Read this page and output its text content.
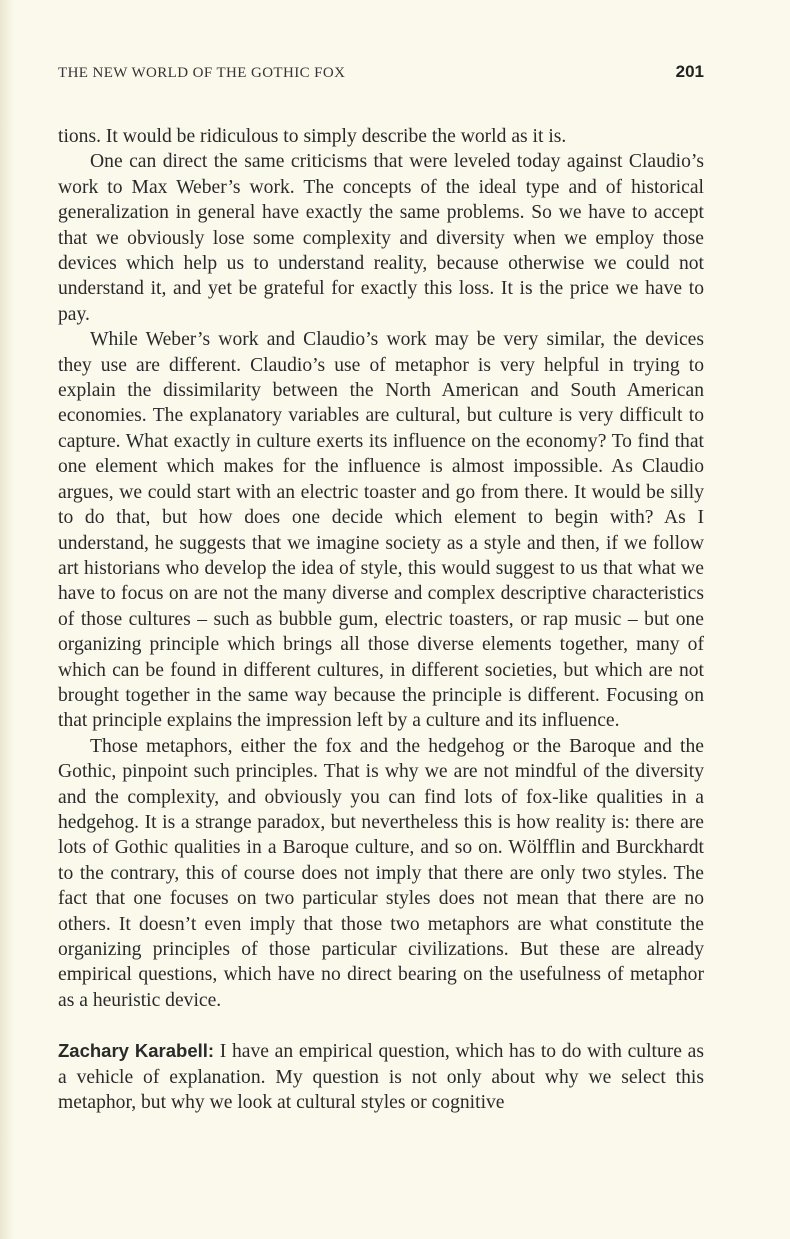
THE NEW WORLD OF THE GOTHIC FOX	201

tions. It would be ridiculous to simply describe the world as it is.

One can direct the same criticisms that were leveled today against Claudio’s work to Max Weber’s work. The concepts of the ideal type and of historical generalization in general have exactly the same problems. So we have to accept that we obviously lose some complexity and diversity when we employ those devices which help us to understand reality, because otherwise we could not understand it, and yet be grateful for exactly this loss. It is the price we have to pay.

While Weber’s work and Claudio’s work may be very similar, the devices they use are different. Claudio’s use of metaphor is very helpful in trying to explain the dissimilarity between the North American and South American economies. The explanatory variables are cultural, but culture is very difficult to capture. What exactly in culture exerts its influence on the economy? To find that one element which makes for the influence is almost impossible. As Claudio argues, we could start with an electric toaster and go from there. It would be silly to do that, but how does one decide which element to begin with? As I understand, he suggests that we imagine society as a style and then, if we follow art historians who develop the idea of style, this would suggest to us that what we have to focus on are not the many diverse and complex descriptive characteristics of those cultures – such as bubble gum, electric toasters, or rap music – but one organizing principle which brings all those diverse elements together, many of which can be found in different cultures, in different societies, but which are not brought together in the same way because the principle is different. Focusing on that principle explains the impression left by a culture and its influence.

Those metaphors, either the fox and the hedgehog or the Baroque and the Gothic, pinpoint such principles. That is why we are not mindful of the diversity and the complexity, and obviously you can find lots of fox-like qualities in a hedgehog. It is a strange paradox, but nevertheless this is how reality is: there are lots of Gothic qualities in a Baroque culture, and so on. Wölfflin and Burckhardt to the contrary, this of course does not imply that there are only two styles. The fact that one focuses on two particular styles does not mean that there are no others. It doesn’t even imply that those two metaphors are what constitute the organizing principles of those particular civilizations. But these are already empirical questions, which have no direct bearing on the usefulness of metaphor as a heuristic device.

Zachary Karabell: I have an empirical question, which has to do with culture as a vehicle of explanation. My question is not only about why we select this metaphor, but why we look at cultural styles or cognitive
